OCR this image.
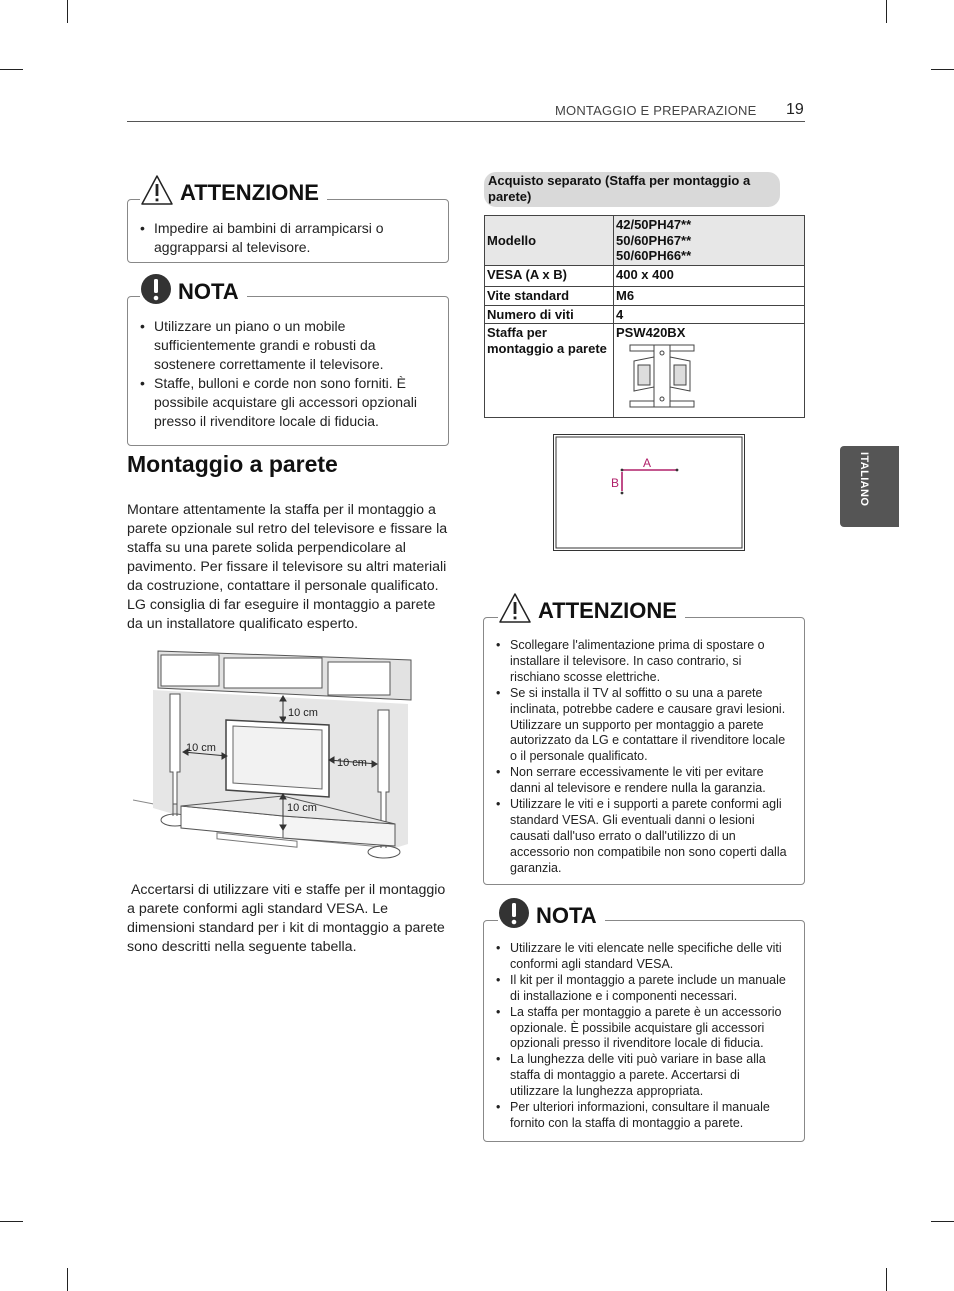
MONTAGGIO E PREPARAZIONE 19
ITALIANO
• Impedire ai bambini di arrampicarsi o aggrapparsi al televisore.
ATTENZIONE
• Utilizzare un piano o un mobile sufficientemente grandi e robusti da sostenere correttamente il televisore.
• Staffe, bulloni e corde non sono forniti. È possibile acquistare gli accessori opzionali presso il rivenditore locale di fiducia.
NOTA
Montaggio a parete
Montare attentamente la staffa per il montaggio a parete opzionale sul retro del televisore e fissare la staffa su una parete solida perpendicolare al pavimento. Per fissare il televisore su altri materiali da costruzione, contattare il personale qualificato. LG consiglia di far eseguire il montaggio a parete da un installatore qualificato esperto.
10 cm
10 cm
10 cm
10 cm
Accertarsi di utilizzare viti e staffe per il montaggio a parete conformi agli standard VESA. Le dimensioni standard per i kit di montaggio a parete sono descritti nella seguente tabella.
Acquisto separato (Staffa per montaggio a parete)
Modello	42/50PH47**
50/60PH67**
50/60PH66**

VESA (A x B)	400 x 400
Vite standard	M6
Numero di viti	4
Staffa per montaggio a parete	PSW420BX
A
B
• Scollegare l'alimentazione prima di spostare o installare il televisore. In caso contrario, si rischiano scosse elettriche.
• Se si installa il TV al soffitto o su una a parete inclinata, potrebbe cadere e causare gravi lesioni. Utilizzare un supporto per montaggio a parete autorizzato da LG e contattare il rivenditore locale o il personale qualificato.
• Non serrare eccessivamente le viti per evitare danni al televisore e rendere nulla la garanzia.
• Utilizzare le viti e i supporti a parete conformi agli standard VESA. Gli eventuali danni o lesioni causati dall'uso errato o dall'utilizzo di un accessorio non compatibile non sono coperti dalla garanzia.
ATTENZIONE
• Utilizzare le viti elencate nelle specifiche delle viti conformi agli standard VESA.
• Il kit per il montaggio a parete include un manuale di installazione e i componenti necessari.
• La staffa per montaggio a parete è un accessorio opzionale. È possibile acquistare gli accessori opzionali presso il rivenditore locale di fiducia.
• La lunghezza delle viti può variare in base alla staffa di montaggio a parete. Accertarsi di utilizzare la lunghezza appropriata.
• Per ulteriori informazioni, consultare il manuale fornito con la staffa di montaggio a parete.
NOTA
